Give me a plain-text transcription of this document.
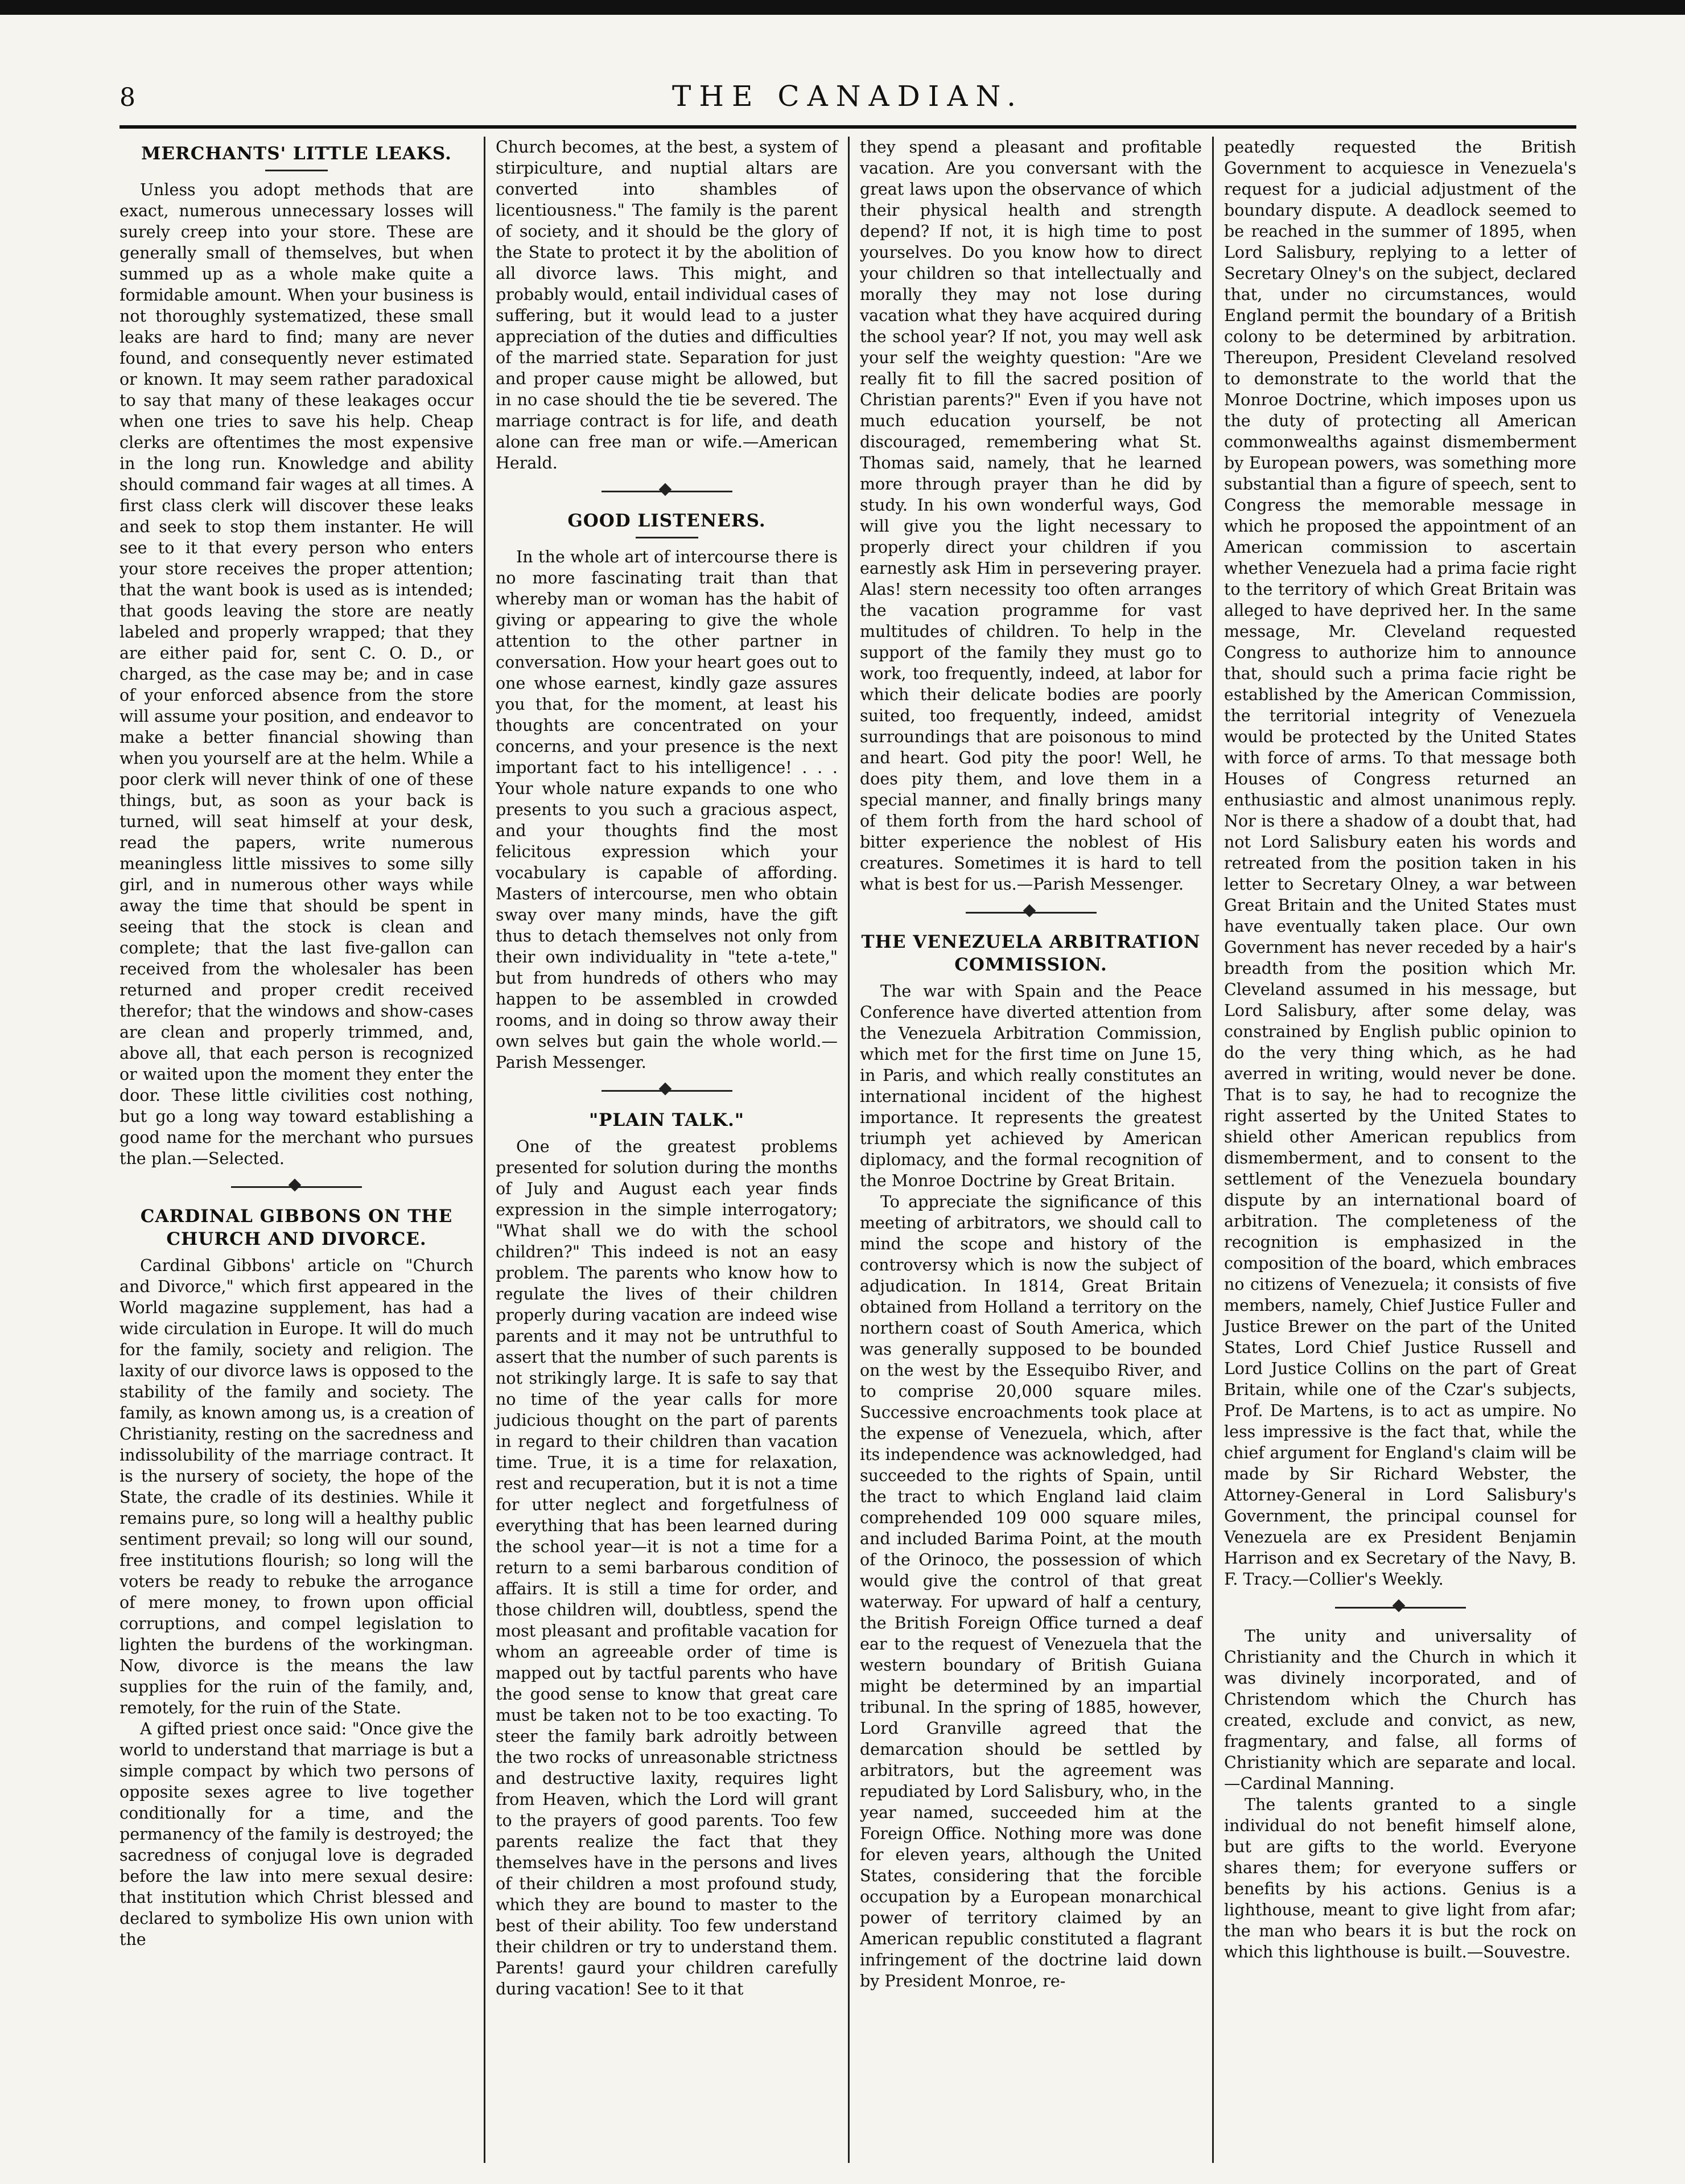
8	THE CANADIAN.
MERCHANTS' LITTLE LEAKS.

Unless you adopt methods that are exact, numerous unnecessary losses will surely creep into your store. These are generally small of themselves, but when summed up as a whole make quite a formidable amount. When your business is not thoroughly systematized, these small leaks are hard to find; many are never found, and consequently never estimated or known. It may seem rather paradoxical to say that many of these leakages occur when one tries to save his help. Cheap clerks are oftentimes the most expensive in the long run. Knowledge and ability should command fair wages at all times. A first class clerk will discover these leaks and seek to stop them instanter. He will see to it that every person who enters your store receives the proper attention; that the want book is used as is intended; that goods leaving the store are neatly labeled and properly wrapped; that they are either paid for, sent C. O. D., or charged, as the case may be; and in case of your enforced absence from the store will assume your position, and endeavor to make a better financial showing than when you yourself are at the helm. While a poor clerk will never think of one of these things, but, as soon as your back is turned, will seat himself at your desk, read the papers, write numerous meaningless little missives to some silly girl, and in numerous other ways while away the time that should be spent in seeing that the stock is clean and complete; that the last five-gallon can received from the wholesaler has been returned and proper credit received therefor; that the windows and show-cases are clean and properly trimmed, and, above all, that each person is recognized or waited upon the moment they enter the door. These little civilities cost nothing, but go a long way toward establishing a good name for the merchant who pursues the plan.—Selected.

CARDINAL GIBBONS ON THE CHURCH AND DIVORCE.

Cardinal Gibbons' article on "Church and Divorce," which first appeared in the World magazine supplement, has had a wide circulation in Europe. It will do much for the family, society and religion. The laxity of our divorce laws is opposed to the stability of the family and society. The family, as known among us, is a creation of Christianity, resting on the sacredness and indissolubility of the marriage contract. It is the nursery of society, the hope of the State, the cradle of its destinies. While it remains pure, so long will a healthy public sentiment prevail; so long will our sound, free institutions flourish; so long will the voters be ready to rebuke the arrogance of mere money, to frown upon official corruptions, and compel legislation to lighten the burdens of the workingman. Now, divorce is the means the law supplies for the ruin of the family, and, remotely, for the ruin of the State.

A gifted priest once said: "Once give the world to understand that marriage is but a simple compact by which two persons of opposite sexes agree to live together conditionally for a time, and the permanency of the family is destroyed; the sacredness of conjugal love is degraded before the law into mere sexual desire: that institution which Christ blessed and declared to symbolize His own union with the

Church becomes, at the best, a system of stirpiculture, and nuptial altars are converted into shambles of licentiousness." The family is the parent of society, and it should be the glory of the State to protect it by the abolition of all divorce laws. This might, and probably would, entail individual cases of suffering, but it would lead to a juster appreciation of the duties and difficulties of the married state. Separation for just and proper cause might be allowed, but in no case should the tie be severed. The marriage contract is for life, and death alone can free man or wife.—American Herald.

GOOD LISTENERS.

In the whole art of intercourse there is no more fascinating trait than that whereby man or woman has the habit of giving or appearing to give the whole attention to the other partner in conversation. How your heart goes out to one whose earnest, kindly gaze assures you that, for the moment, at least his thoughts are concentrated on your concerns, and your presence is the next important fact to his intelligence! . . . Your whole nature expands to one who presents to you such a gracious aspect, and your thoughts find the most felicitous expression which your vocabulary is capable of affording. Masters of intercourse, men who obtain sway over many minds, have the gift thus to detach themselves not only from their own individuality in "tete a-tete," but from hundreds of others who may happen to be assembled in crowded rooms, and in doing so throw away their own selves but gain the whole world.—Parish Messenger.

"PLAIN TALK."

One of the greatest problems presented for solution during the months of July and August each year finds expression in the simple interrogatory; "What shall we do with the school children?" This indeed is not an easy problem. The parents who know how to regulate the lives of their children properly during vacation are indeed wise parents and it may not be untruthful to assert that the number of such parents is not strikingly large. It is safe to say that no time of the year calls for more judicious thought on the part of parents in regard to their children than vacation time. True, it is a time for relaxation, rest and recuperation, but it is not a time for utter neglect and forgetfulness of everything that has been learned during the school year—it is not a time for a return to a semi barbarous condition of affairs. It is still a time for order, and those children will, doubtless, spend the most pleasant and profitable vacation for whom an agreeable order of time is mapped out by tactful parents who have the good sense to know that great care must be taken not to be too exacting. To steer the family bark adroitly between the two rocks of unreasonable strictness and destructive laxity, requires light from Heaven, which the Lord will grant to the prayers of good parents. Too few parents realize the fact that they themselves have in the persons and lives of their children a most profound study, which they are bound to master to the best of their ability. Too few understand their children or try to understand them. Parents! gaurd your children carefully during vacation! See to it that

they spend a pleasant and profitable vacation. Are you conversant with the great laws upon the observance of which their physical health and strength depend? If not, it is high time to post yourselves. Do you know how to direct your children so that intellectually and morally they may not lose during vacation what they have acquired during the school year? If not, you may well ask your self the weighty question: "Are we really fit to fill the sacred position of Christian parents?" Even if you have not much education yourself, be not discouraged, remembering what St. Thomas said, namely, that he learned more through prayer than he did by study. In his own wonderful ways, God will give you the light necessary to properly direct your children if you earnestly ask Him in persevering prayer. Alas! stern necessity too often arranges the vacation programme for vast multitudes of children. To help in the support of the family they must go to work, too frequently, indeed, at labor for which their delicate bodies are poorly suited, too frequently, indeed, amidst surroundings that are poisonous to mind and heart. God pity the poor! Well, he does pity them, and love them in a special manner, and finally brings many of them forth from the hard school of bitter experience the noblest of His creatures. Sometimes it is hard to tell what is best for us.—Parish Messenger.

THE VENEZUELA ARBITRATION COMMISSION.

The war with Spain and the Peace Conference have diverted attention from the Venezuela Arbitration Commission, which met for the first time on June 15, in Paris, and which really constitutes an international incident of the highest importance. It represents the greatest triumph yet achieved by American diplomacy, and the formal recognition of the Monroe Doctrine by Great Britain.

To appreciate the significance of this meeting of arbitrators, we should call to mind the scope and history of the controversy which is now the subject of adjudication. In 1814, Great Britain obtained from Holland a territory on the northern coast of South America, which was generally supposed to be bounded on the west by the Essequibo River, and to comprise 20,000 square miles. Successive encroachments took place at the expense of Venezuela, which, after its independence was acknowledged, had succeeded to the rights of Spain, until the tract to which England laid claim comprehended 109 000 square miles, and included Barima Point, at the mouth of the Orinoco, the possession of which would give the control of that great waterway. For upward of half a century, the British Foreign Office turned a deaf ear to the request of Venezuela that the western boundary of British Guiana might be determined by an impartial tribunal. In the spring of 1885, however, Lord Granville agreed that the demarcation should be settled by arbitrators, but the agreement was repudiated by Lord Salisbury, who, in the year named, succeeded him at the Foreign Office. Nothing more was done for eleven years, although the United States, considering that the forcible occupation by a European monarchical power of territory claimed by an American republic constituted a flagrant infringement of the doctrine laid down by President Monroe, re-

peatedly requested the British Government to acquiesce in Venezuela's request for a judicial adjustment of the boundary dispute. A deadlock seemed to be reached in the summer of 1895, when Lord Salisbury, replying to a letter of Secretary Olney's on the subject, declared that, under no circumstances, would England permit the boundary of a British colony to be determined by arbitration. Thereupon, President Cleveland resolved to demonstrate to the world that the Monroe Doctrine, which imposes upon us the duty of protecting all American commonwealths against dismemberment by European powers, was something more substantial than a figure of speech, sent to Congress the memorable message in which he proposed the appointment of an American commission to ascertain whether Venezuela had a prima facie right to the territory of which Great Britain was alleged to have deprived her. In the same message, Mr. Cleveland requested Congress to authorize him to announce that, should such a prima facie right be established by the American Commission, the territorial integrity of Venezuela would be protected by the United States with force of arms. To that message both Houses of Congress returned an enthusiastic and almost unanimous reply. Nor is there a shadow of a doubt that, had not Lord Salisbury eaten his words and retreated from the position taken in his letter to Secretary Olney, a war between Great Britain and the United States must have eventually taken place. Our own Government has never receded by a hair's breadth from the position which Mr. Cleveland assumed in his message, but Lord Salisbury, after some delay, was constrained by English public opinion to do the very thing which, as he had averred in writing, would never be done. That is to say, he had to recognize the right asserted by the United States to shield other American republics from dismemberment, and to consent to the settlement of the Venezuela boundary dispute by an international board of arbitration. The completeness of the recognition is emphasized in the composition of the board, which embraces no citizens of Venezuela; it consists of five members, namely, Chief Justice Fuller and Justice Brewer on the part of the United States, Lord Chief Justice Russell and Lord Justice Collins on the part of Great Britain, while one of the Czar's subjects, Prof. De Martens, is to act as umpire. No less impressive is the fact that, while the chief argument for England's claim will be made by Sir Richard Webster, the Attorney-General in Lord Salisbury's Government, the principal counsel for Venezuela are ex President Benjamin Harrison and ex Secretary of the Navy, B. F. Tracy.—Collier's Weekly.

The unity and universality of Christianity and the Church in which it was divinely incorporated, and of Christendom which the Church has created, exclude and convict, as new, fragmentary, and false, all forms of Christianity which are separate and local.—Cardinal Manning.

The talents granted to a single individual do not benefit himself alone, but are gifts to the world. Everyone shares them; for everyone suffers or benefits by his actions. Genius is a lighthouse, meant to give light from afar; the man who bears it is but the rock on which this lighthouse is built.—Souvestre.
